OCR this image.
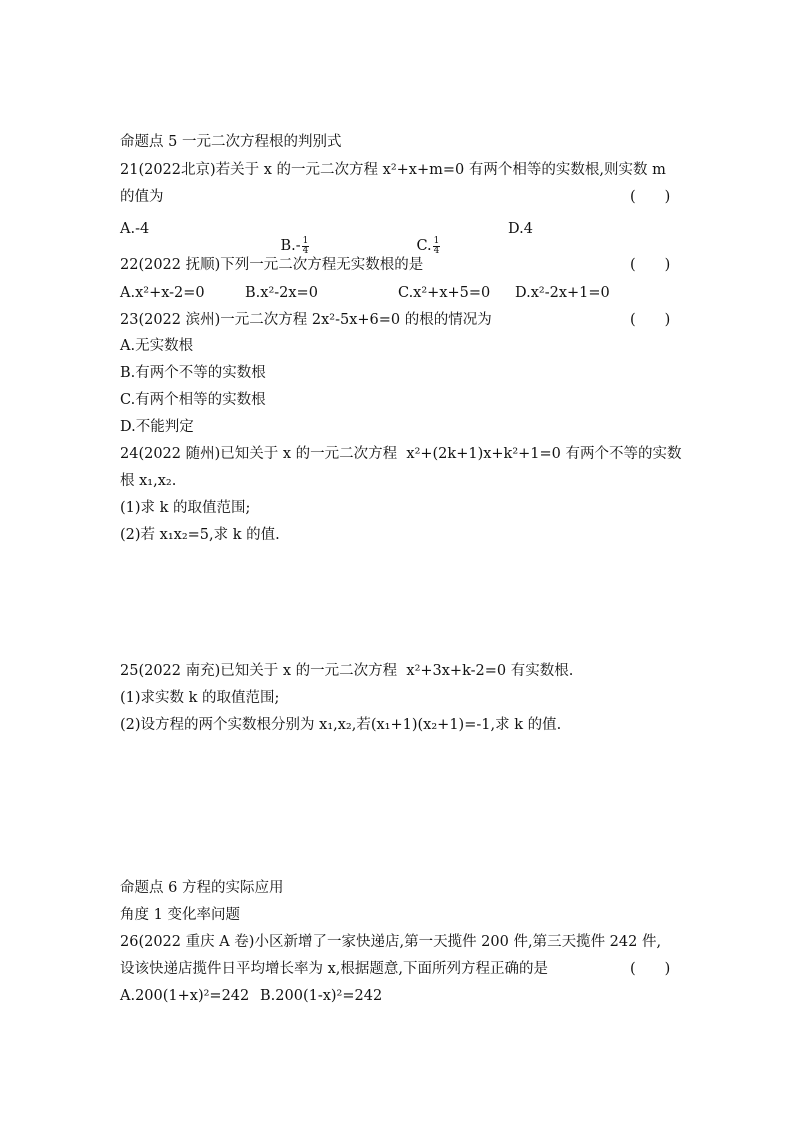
命题点 5 一元二次方程根的判别式
21(2022北京)若关于 x 的一元二次方程 x²+x+m=0 有两个相等的实数根,则实数 m
的值为	(　　)
A.-4

$B.- \frac{1}{4}$

	C. $\frac{1}{4}$

D.4
22(2022 抚顺)下列一元二次方程无实数根的是	(　　)
A.x²+x-2=0	B.x²-2x=0	C.x²+x+5=0 D.x²-2x+1=0
23(2022 滨州)一元二次方程 2x²-5x+6=0 的根的情况为	(　　)
A.无实数根
B.有两个不等的实数根
C.有两个相等的实数根
D.不能判定
24(2022 随州)已知关于 x 的一元二次方程  x²+(2k+1)x+k²+1=0 有两个不等的实数
根 x₁,x₂.
(1)求 k 的取值范围;
(2)若 x₁x₂=5,求 k 的值.
25(2022 南充)已知关于 x 的一元二次方程  x²+3x+k-2=0 有实数根.
(1)求实数 k 的取值范围;
(2)设方程的两个实数根分别为 x₁,x₂,若(x₁+1)(x₂+1)=-1,求 k 的值.
命题点 6 方程的实际应用
角度 1 变化率问题
26(2022 重庆 A 卷)小区新增了一家快递店,第一天揽件 200 件,第三天揽件 242 件,
设该快递店揽件日平均增长率为 x,根据题意,下面所列方程正确的是	(　　)
A.200(1+x)²=242 B.200(1-x)²=242
